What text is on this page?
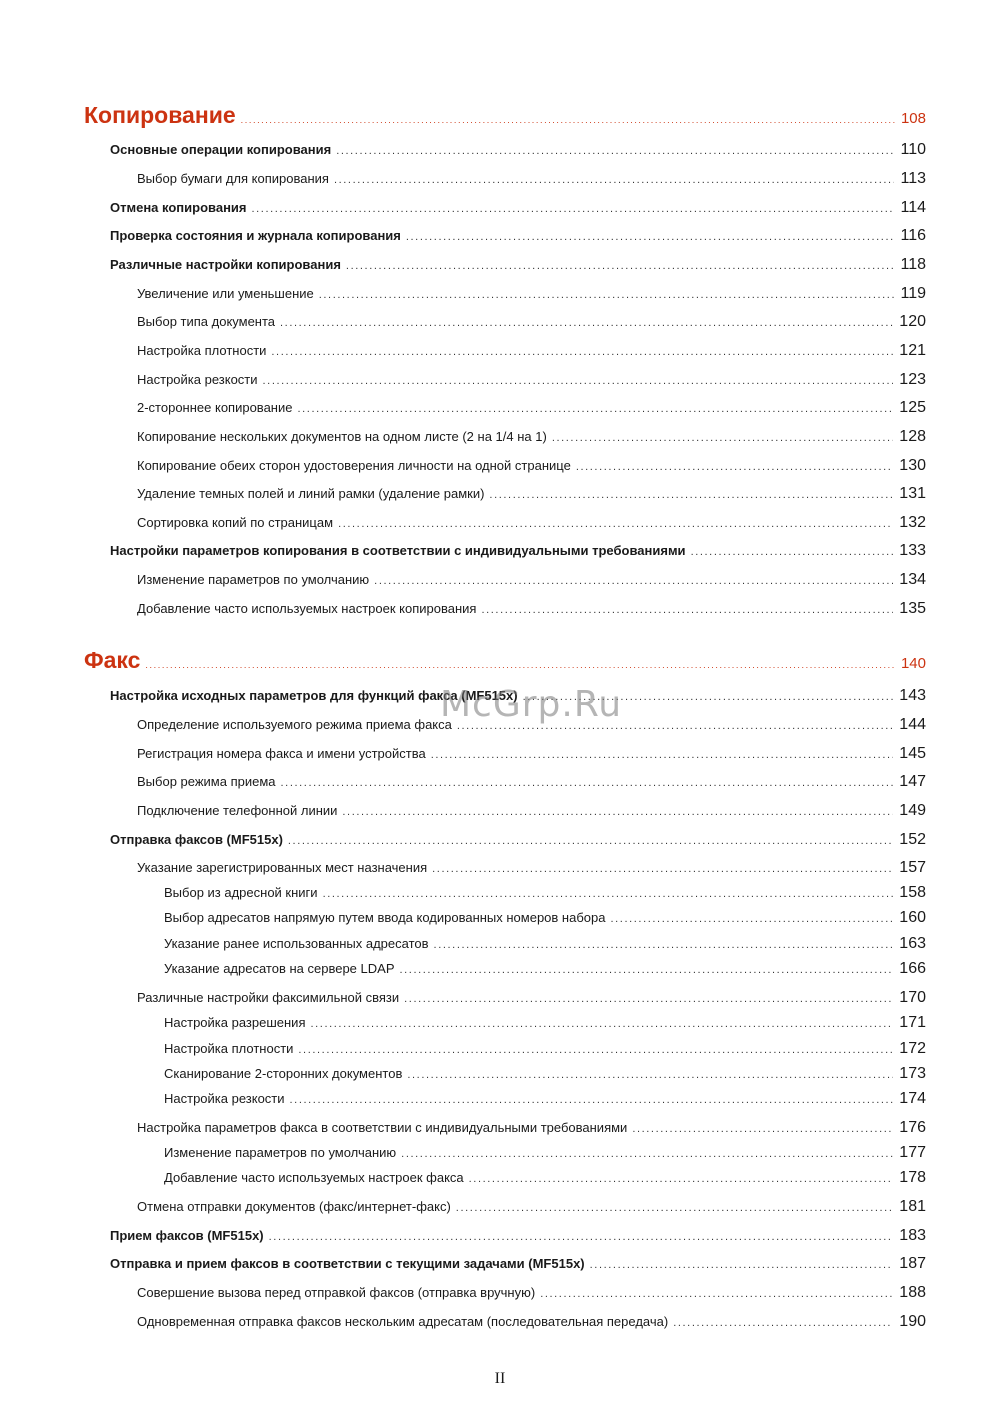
Копирование .....	108
Основные операции копирования .....	110
Выбор бумаги для копирования .....	113
Отмена копирования .....	114
Проверка состояния и журнала копирования .....	116
Различные настройки копирования .....	118
Увеличение или уменьшение .....	119
Выбор типа документа .....	120
Настройка плотности .....	121
Настройка резкости .....	123
2-стороннее копирование .....	125
Копирование нескольких документов на одном листе (2 на 1/4 на 1) .....	128
Копирование обеих сторон удостоверения личности на одной странице .....	130
Удаление темных полей и линий рамки (удаление рамки) .....	131
Сортировка копий по страницам .....	132
Настройки параметров копирования в соответствии с индивидуальными требованиями .....	133
Изменение параметров по умолчанию .....	134
Добавление часто используемых настроек копирования .....	135
Факс .....	140
Настройка исходных параметров для функций факса (MF515x) .....	143
Определение используемого режима приема факса .....	144
Регистрация номера факса и имени устройства .....	145
Выбор режима приема .....	147
Подключение телефонной линии .....	149
Отправка факсов (MF515x) .....	152
Указание зарегистрированных мест назначения .....	157
Выбор из адресной книги .....	158
Выбор адресатов напрямую путем ввода кодированных номеров набора .....	160
Указание ранее использованных адресатов .....	163
Указание адресатов на сервере LDAP .....	166
Различные настройки факсимильной связи .....	170
Настройка разрешения .....	171
Настройка плотности .....	172
Сканирование 2-сторонних документов .....	173
Настройка резкости .....	174
Настройка параметров факса в соответствии с индивидуальными требованиями .....	176
Изменение параметров по умолчанию .....	177
Добавление часто используемых настроек факса .....	178
Отмена отправки документов (факс/интернет-факс) .....	181
Прием факсов (MF515x) .....	183
Отправка и прием факсов в соответствии с текущими задачами (MF515x) .....	187
Совершение вызова перед отправкой факсов (отправка вручную) .....	188
Одновременная отправка факсов нескольким адресатам (последовательная передача) .....	190
McGrp.Ru
II
